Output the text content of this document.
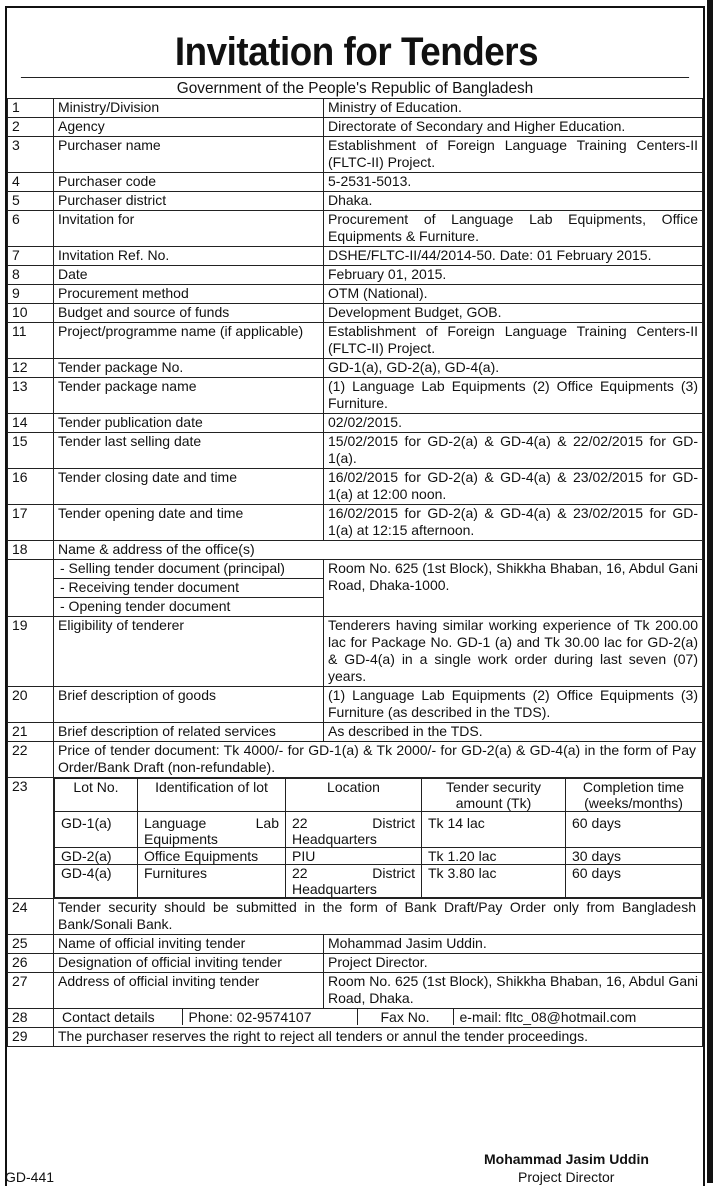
Invitation for Tenders
Government of the People's Republic of Bangladesh
1	Ministry/Division	Ministry of Education.
2	Agency	Directorate of Secondary and Higher Education.
3	Purchaser name	Establishment of Foreign Language Training Centers-II (FLTC-II) Project.
4	Purchaser code	5-2531-5013.
5	Purchaser district	Dhaka.
6	Invitation for	Procurement of Language Lab Equipments, Office Equipments & Furniture.
7	Invitation Ref. No.	DSHE/FLTC-II/44/2014-50. Date: 01 February 2015.
8	Date	February 01, 2015.
9	Procurement method	OTM (National).
10	Budget and source of funds	Development Budget, GOB.
11	Project/programme name (if applicable)	Establishment of Foreign Language Training Centers-II (FLTC-II) Project.
12	Tender package No.	GD-1(a), GD-2(a), GD-4(a).
13	Tender package name	(1) Language Lab Equipments (2) Office Equipments (3) Furniture.
14	Tender publication date	02/02/2015.
15	Tender last selling date	15/02/2015 for GD-2(a) & GD-4(a) & 22/02/2015 for GD-1(a).
16	Tender closing date and time	16/02/2015 for GD-2(a) & GD-4(a) & 23/02/2015 for GD-1(a) at 12:00 noon.
17	Tender opening date and time	16/02/2015 for GD-2(a) & GD-4(a) & 23/02/2015 for GD-1(a) at 12:15 afternoon.
18	Name & address of the office(s)
	- Selling tender document (principal)	Room No. 625 (1st Block), Shikkha Bhaban, 16, Abdul Gani Road, Dhaka-1000.
- Receiving tender document
- Opening tender document
19	Eligibility of tenderer	Tenderers having similar working experience of Tk 200.00 lac for Package No. GD-1 (a) and Tk 30.00 lac for GD-2(a) & GD-4(a) in a single work order during last seven (07) years.
20	Brief description of goods	(1) Language Lab Equipments (2) Office Equipments (3) Furniture (as described in the TDS).
21	Brief description of related services	As described in the TDS.
22	Price of tender document: Tk 4000/- for GD-1(a) & Tk 2000/- for GD-2(a) & GD-4(a) in the form of Pay Order/Bank Draft (non-refundable).
23		Lot No.	Identification of lot	Location	Tender security amount (Tk)	Completion time (weeks/months)
GD-1(a)	Language Lab Equipments	22 District Headquarters	Tk 14 lac	60 days
GD-2(a)	Office Equipments	PIU	Tk 1.20 lac	30 days
GD-4(a)	Furnitures	22 District Headquarters	Tk 3.80 lac	60 days

24	Tender security should be submitted in the form of Bank Draft/Pay Order only from Bangladesh Bank/Sonali Bank.
25	Name of official inviting tender	Mohammad Jasim Uddin.
26	Designation of official inviting tender	Project Director.
27	Address of official inviting tender	Room No. 625 (1st Block), Shikkha Bhaban, 16, Abdul Gani Road, Dhaka.
28	Contact details	Phone: 02-9574107	Fax No.	e-mail: fltc_08@hotmail.com

29	The purchaser reserves the right to reject all tenders or annul the tender proceedings.
GD-441
Mohammad Jasim Uddin
Project Director
